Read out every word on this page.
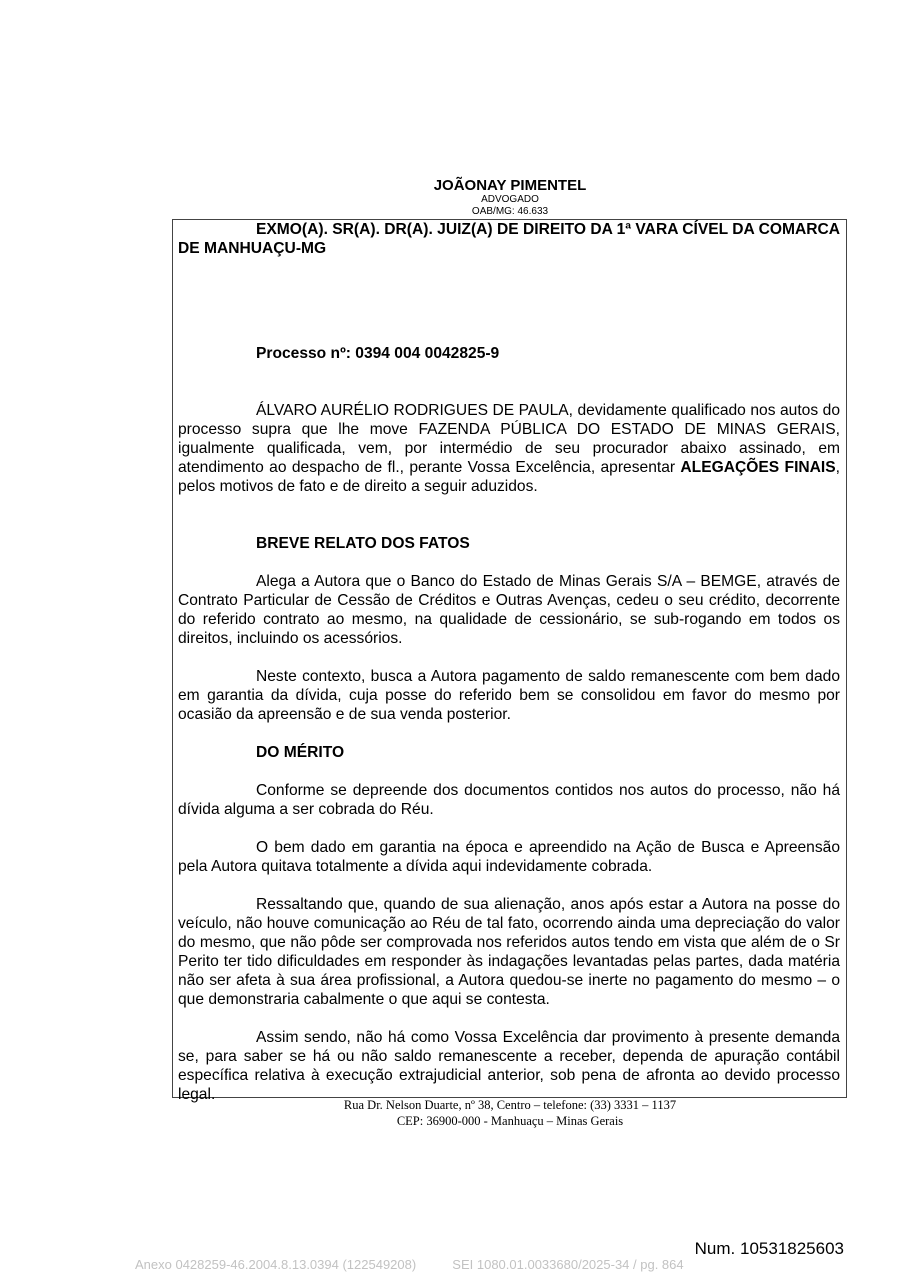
JOÃONAY PIMENTEL
ADVOGADO
OAB/MG: 46.633

EXMO(A). SR(A). DR(A). JUIZ(A) DE DIREITO DA 1ª VARA CÍVEL DA COMARCA DE MANHUAÇU-MG

Processo nº: 0394 004 0042825-9

ÁLVARO AURÉLIO RODRIGUES DE PAULA, devidamente qualificado nos autos do processo supra que lhe move FAZENDA PÚBLICA DO ESTADO DE MINAS GERAIS, igualmente qualificada, vem, por intermédio de seu procurador abaixo assinado, em atendimento ao despacho de fl., perante Vossa Excelência, apresentar ALEGAÇÕES FINAIS, pelos motivos de fato e de direito a seguir aduzidos.

BREVE RELATO DOS FATOS

Alega a Autora que o Banco do Estado de Minas Gerais S/A – BEMGE, através de Contrato Particular de Cessão de Créditos e Outras Avenças, cedeu o seu crédito, decorrente do referido contrato ao mesmo, na qualidade de cessionário, se sub-rogando em todos os direitos, incluindo os acessórios.

Neste contexto, busca a Autora pagamento de saldo remanescente com bem dado em garantia da dívida, cuja posse do referido bem se consolidou em favor do mesmo por ocasião da apreensão e de sua venda posterior.

DO MÉRITO

Conforme se depreende dos documentos contidos nos autos do processo, não há dívida alguma a ser cobrada do Réu.

O bem dado em garantia na época e apreendido na Ação de Busca e Apreensão pela Autora quitava totalmente a dívida aqui indevidamente cobrada.

Ressaltando que, quando de sua alienação, anos após estar a Autora na posse do veículo, não houve comunicação ao Réu de tal fato, ocorrendo ainda uma depreciação do valor do mesmo, que não pôde ser comprovada nos referidos autos tendo em vista que além de o Sr Perito ter tido dificuldades em responder às indagações levantadas pelas partes, dada matéria não ser afeta à sua área profissional, a Autora quedou-se inerte no pagamento do mesmo – o que demonstraria cabalmente o que aqui se contesta.

Assim sendo, não há como Vossa Excelência dar provimento à presente demanda se, para saber se há ou não saldo remanescente a receber, dependa de apuração contábil específica relativa à execução extrajudicial anterior, sob pena de afronta ao devido processo legal.

Rua Dr. Nelson Duarte, nº 38, Centro – telefone: (33) 3331 – 1137
CEP: 36900-000 - Manhuaçu – Minas Gerais
Num. 10531825603
Anexo 0428259-46.2004.8.13.0394 (122549208)          SEI 1080.01.0033680/2025-34 / pg. 864
